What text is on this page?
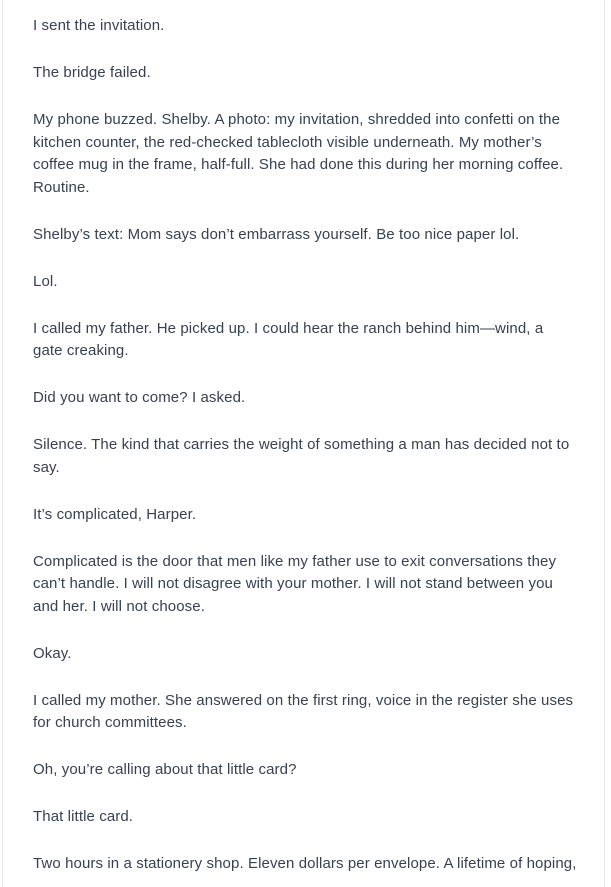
I sent the invitation.

The bridge failed.

My phone buzzed. Shelby. A photo: my invitation, shredded into confetti on the kitchen counter, the red-checked tablecloth visible underneath. My mother’s coffee mug in the frame, half-full. She had done this during her morning coffee. Routine.

Shelby’s text: Mom says don’t embarrass yourself. Be too nice paper lol.

Lol.

I called my father. He picked up. I could hear the ranch behind him—wind, a gate creaking.

Did you want to come? I asked.

Silence. The kind that carries the weight of something a man has decided not to say.

It’s complicated, Harper.

Complicated is the door that men like my father use to exit conversations they can’t handle. I will not disagree with your mother. I will not stand between you and her. I will not choose.

Okay.

I called my mother. She answered on the first ring, voice in the register she uses for church committees.

Oh, you’re calling about that little card?

That little card.

Two hours in a stationery shop. Eleven dollars per envelope. A lifetime of hoping,
